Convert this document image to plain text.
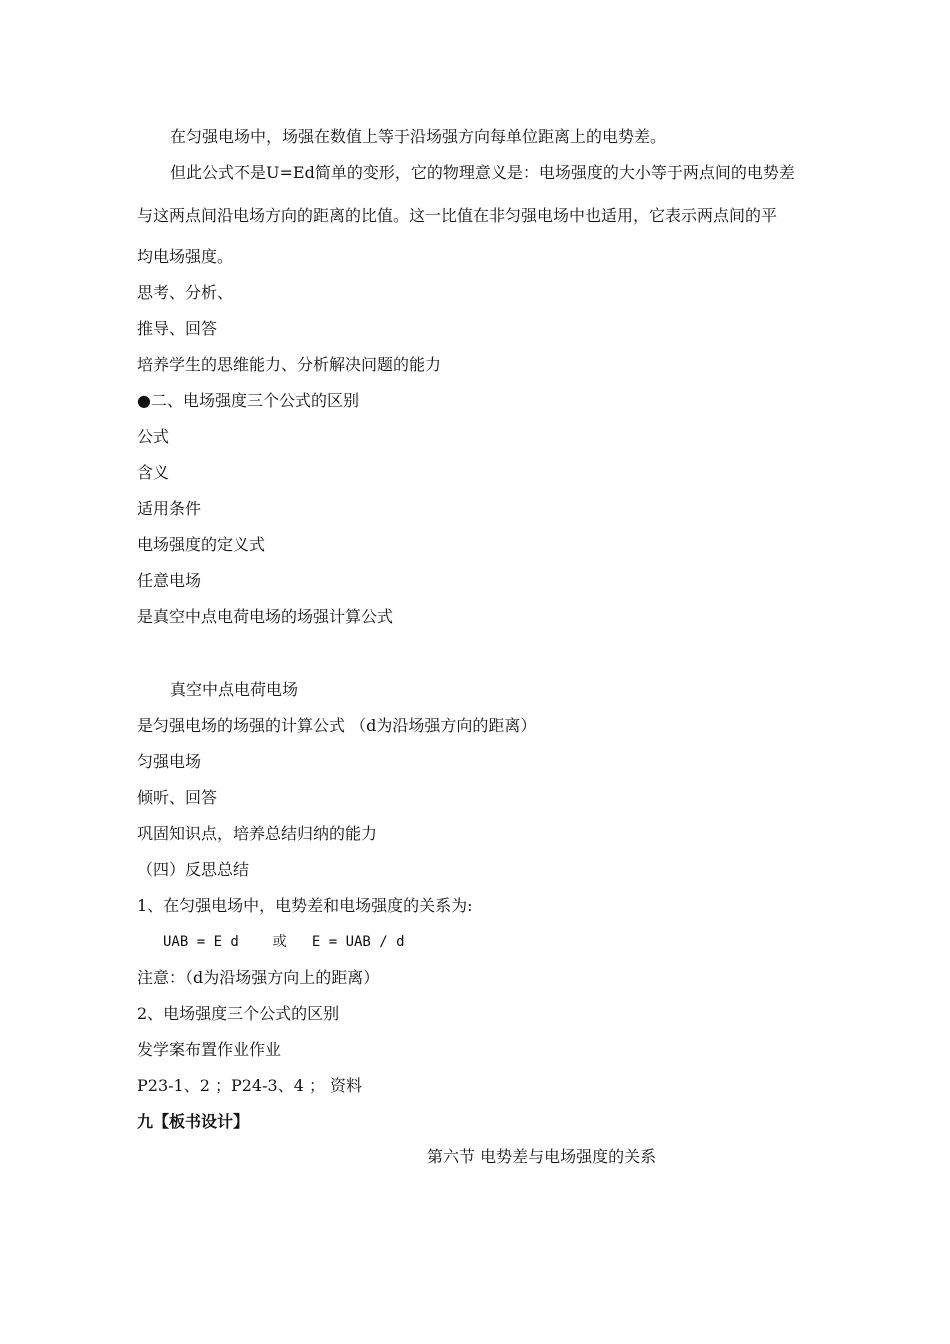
在匀强电场中，场强在数值上等于沿场强方向每单位距离上的电势差。
但此公式不是U=Ed简单的变形，它的物理意义是：电场强度的大小等于两点间的电势差
与这两点间沿电场方向的距离的比值。这一比值在非匀强电场中也适用，它表示两点间的平
均电场强度。
思考、分析、
推导、回答
培养学生的思维能力、分析解决问题的能力
●二、电场强度三个公式的区别
公式
含义
适用条件
电场强度的定义式
任意电场
是真空中点电荷电场的场强计算公式
真空中点电荷电场
是匀强电场的场强的计算公式 （d为沿场强方向的距离）
匀强电场
倾听、回答
巩固知识点，培养总结归纳的能力
（四）反思总结
1、在匀强电场中，电势差和电场强度的关系为:
UAB = E d    或   E = UAB / d
注意：（d为沿场强方向上的距离）
2、电场强度三个公式的区别
发学案布置作业作业
P23-1、2 ；P24-3、4 ； 资料
九【板书设计】
第六节 电势差与电场强度的关系
